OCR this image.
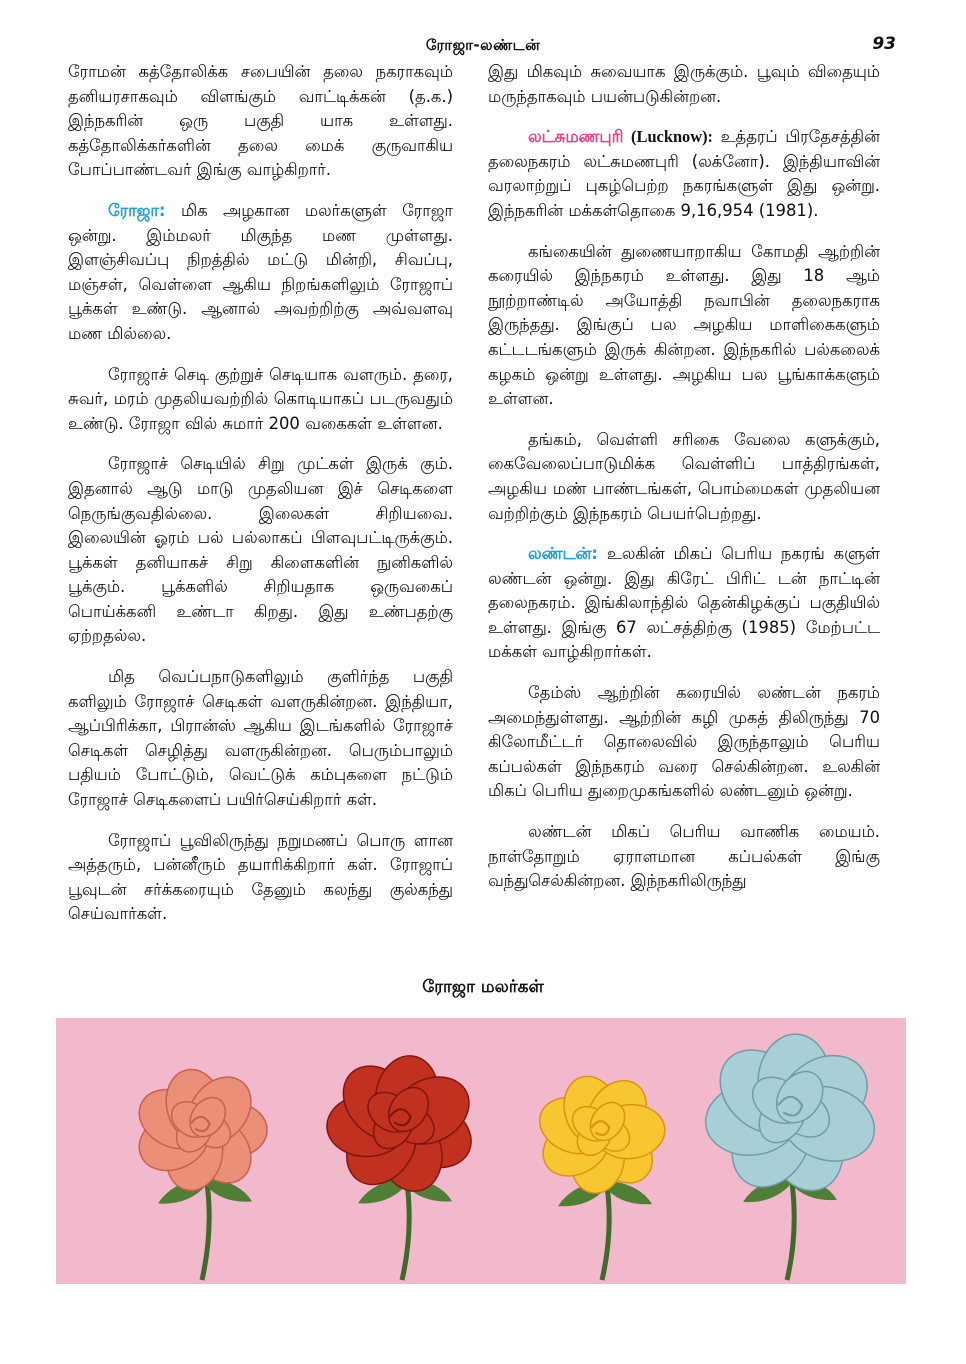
ரோஜா-லண்டன்	93

ரோமன் கத்தோலிக்க சபையின் தலை நகராகவும் தனியரசாகவும் விளங்கும் வாட்டிக்கன் (த.க.) இந்நகரின் ஒரு பகுதி யாக உள்ளது. கத்தோலிக்கர்களின் தலை மைக் குருவாகிய போப்பாண்டவர் இங்கு வாழ்கிறார்.

ரோஜா: மிக அழகான மலர்களுள் ரோஜா ஒன்று. இம்மலர் மிகுந்த மண முள்ளது. இளஞ்சிவப்பு நிறத்தில் மட்டு மின்றி, சிவப்பு, மஞ்சள், வெள்ளை ஆகிய நிறங்களிலும் ரோஜாப் பூக்கள் உண்டு. ஆனால் அவற்றிற்கு அவ்வளவு மண மில்லை.

ரோஜாச் செடி குற்றுச் செடியாக வளரும். தரை, சுவர், மரம் முதலியவற்றில் கொடியாகப் படருவதும் உண்டு. ரோஜா வில் சுமார் 200 வகைகள் உள்ளன.

ரோஜாச் செடியில் சிறு முட்கள் இருக் கும். இதனால் ஆடு மாடு முதலியன இச் செடிகளை நெருங்குவதில்லை. இலைகள் சிறியவை. இலையின் ஓரம் பல் பல்லாகப் பிளவுபட்டிருக்கும். பூக்கள் தனியாகச் சிறு கிளைகளின் நுனிகளில் பூக்கும். பூக்களில் சிறியதாக ஒருவகைப் பொய்க்கனி உண்டா கிறது. இது உண்பதற்கு ஏற்றதல்ல.

மித வெப்பநாடுகளிலும் குளிர்ந்த பகுதி களிலும் ரோஜாச் செடிகள் வளருகின்றன. இந்தியா, ஆப்பிரிக்கா, பிரான்ஸ் ஆகிய இடங்களில் ரோஜாச் செடிகள் செழித்து வளருகின்றன. பெரும்பாலும் பதியம் போட்டும், வெட்டுக் கம்புகளை நட்டும் ரோஜாச் செடிகளைப் பயிர்செய்கிறார் கள்.

ரோஜாப் பூவிலிருந்து நறுமணப் பொரு ளான அத்தரும், பன்னீரும் தயாரிக்கிறார் கள். ரோஜாப் பூவுடன் சர்க்கரையும் தேனும் கலந்து குல்கந்து செய்வார்கள்.

இது மிகவும் சுவையாக இருக்கும். பூவும் விதையும் மருந்தாகவும் பயன்படுகின்றன.

லட்சுமணபுரி (Lucknow): உத்தரப் பிரதேசத்தின் தலைநகரம் லட்சுமணபுரி (லக்னோ). இந்தியாவின் வரலாற்றுப் புகழ்பெற்ற நகரங்களுள் இது ஒன்று. இந்நகரின் மக்கள்தொகை 9,16,954 (1981).

கங்கையின் துணையாறாகிய கோமதி ஆற்றின் கரையில் இந்நகரம் உள்ளது. இது 18 ஆம் நூற்றாண்டில் அயோத்தி நவாபின் தலைநகராக இருந்தது. இங்குப் பல அழகிய மாளிகைகளும் கட்டடங்களும் இருக் கின்றன. இந்நகரில் பல்கலைக் கழகம் ஒன்று உள்ளது. அழகிய பல பூங்காக்களும் உள்ளன.

தங்கம், வெள்ளி சரிகை வேலை களுக்கும், கைவேலைப்பாடுமிக்க வெள்ளிப் பாத்திரங்கள், அழகிய மண் பாண்டங்கள், பொம்மைகள் முதலியன வற்றிற்கும் இந்நகரம் பெயர்பெற்றது.

லண்டன்: உலகின் மிகப் பெரிய நகரங் களுள் லண்டன் ஒன்று. இது கிரேட் பிரிட் டன் நாட்டின் தலைநகரம். இங்கிலாந்தில் தென்கிழக்குப் பகுதியில் உள்ளது. இங்கு 67 லட்சத்திற்கு (1985) மேற்பட்ட மக்கள் வாழ்கிறார்கள்.

தேம்ஸ் ஆற்றின் கரையில் லண்டன் நகரம் அமைந்துள்ளது. ஆற்றின் கழி முகத் திலிருந்து 70 கிலோமீட்டர் தொலைவில் இருந்தாலும் பெரிய கப்பல்கள் இந்நகரம் வரை செல்கின்றன. உலகின் மிகப் பெரிய துறைமுகங்களில் லண்டனும் ஒன்று.

லண்டன் மிகப் பெரிய வாணிக மையம். நாள்தோறும் ஏராளமான கப்பல்கள் இங்கு வந்துசெல்கின்றன. இந்நகரிலிருந்து

ரோஜா மலர்கள்
